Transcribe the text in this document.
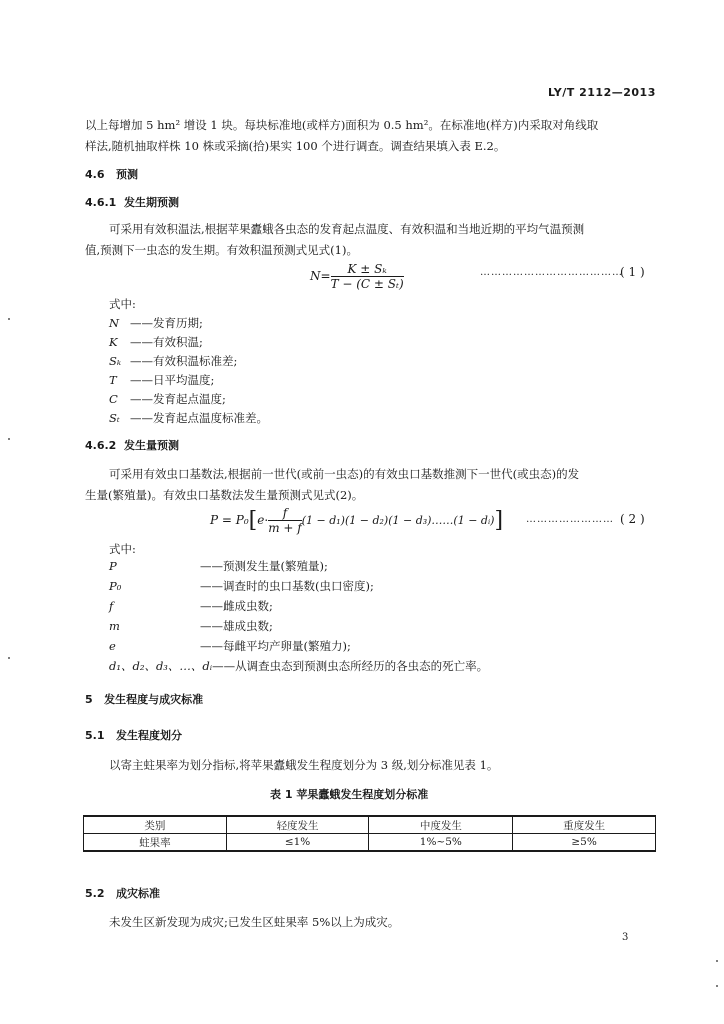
LY/T 2112—2013
以上每增加 5 hm² 增设 1 块。每块标准地(或样方)面积为 0.5 hm²。在标准地(样方)内采取对角线取
样法,随机抽取样株 10 株或采摘(拾)果实 100 个进行调查。调查结果填入表 E.2。
4.6 预测
4.6.1 发生期预测
可采用有效积温法,根据苹果蠹蛾各虫态的发育起点温度、有效积温和当地近期的平均气温预测
值,预测下一虫态的发生期。有效积温预测式见式(1)。
$N= \frac{\text{K ± Sₖ}}{\text{T − (C ± Sₜ)}}$	…………………………………
( 1 )
式中:
N ——发育历期;
K ——有效积温;
Sₖ ——有效积温标准差;
T ——日平均温度;
C ——发育起点温度;
Sₜ ——发育起点温度标准差。
4.6.2 发生量预测
可采用有效虫口基数法,根据前一世代(或前一虫态)的有效虫口基数推测下一世代(或虫态)的发
生量(繁殖量)。有效虫口基数法发生量预测式见式(2)。
$P = P_0[e\cdot \frac{f}{m + f} (1 - d_1)(1 - d_2)(1$ − d₃)……(1 − dᵢ)] …………………… ( 2 )
式中:
P	——预测发生量(繁殖量);
P₀	——调查时的虫口基数(虫口密度);
f	——雌成虫数;
m	——雄成虫数;
e	——每雌平均产卵量(繁殖力);
d₁、d₂、d₃、…、dᵢ——从调查虫态到预测虫态所经历的各虫态的死亡率。
5 发生程度与成灾标准
5.1 发生程度划分
以寄主蛀果率为划分指标,将苹果蠹蛾发生程度划分为 3 级,划分标准见表 1。
表 1 苹果蠹蛾发生程度划分标准
类别	轻度发生	中度发生	重度发生
蛀果率	≤1%	1%~5%	≥5%
5.2 成灾标准
未发生区新发现为成灾;已发生区蛀果率 5%以上为成灾。
3
